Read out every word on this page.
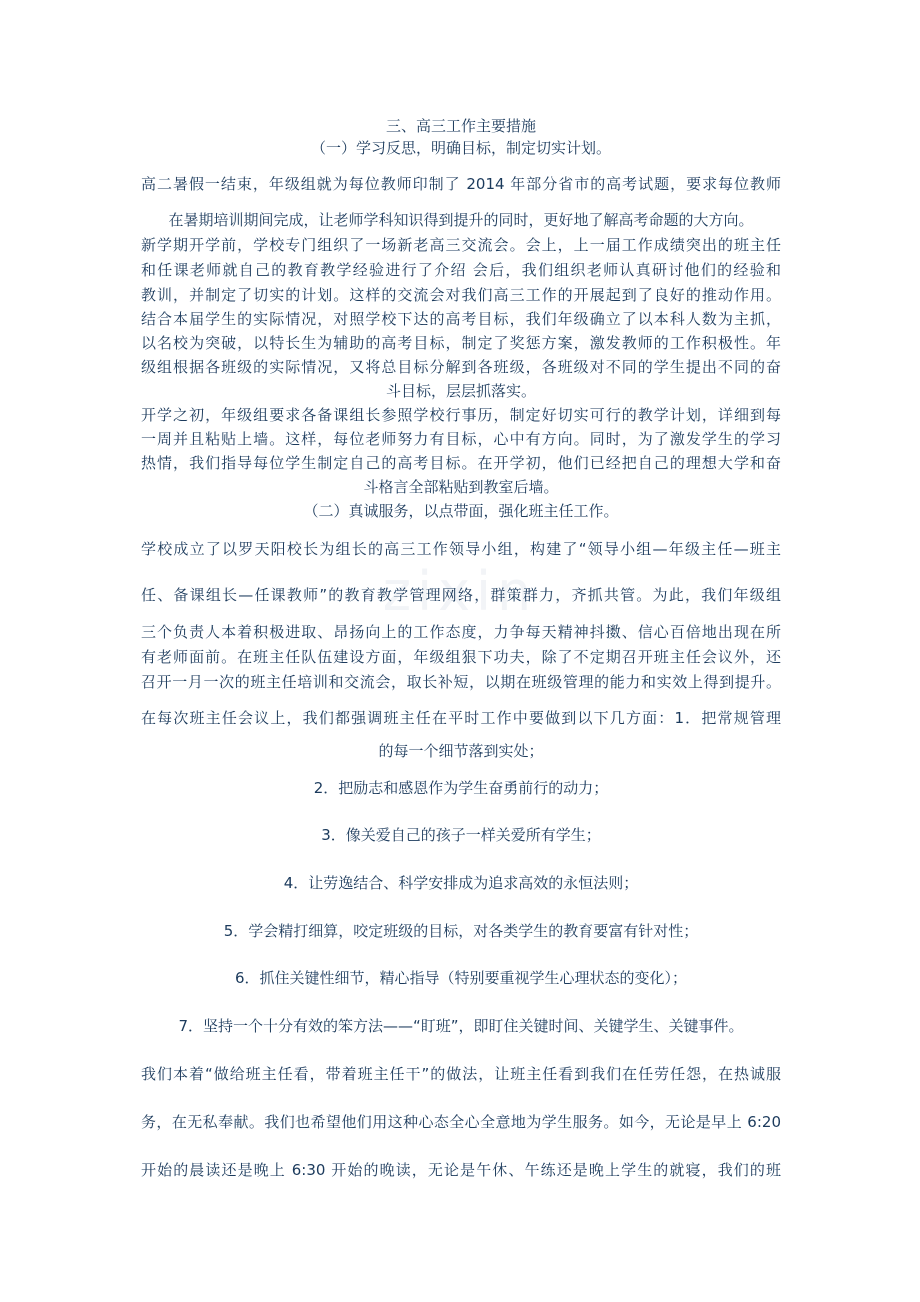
zixin
三、高三工作主要措施
（一）学习反思，明确目标，制定切实计划。
高二暑假一结束，年级组就为每位教师印制了 2014 年部分省市的高考试题，要求每位教师
在暑期培训期间完成，让老师学科知识得到提升的同时，更好地了解高考命题的大方向。
新学期开学前，学校专门组织了一场新老高三交流会。会上，上一届工作成绩突出的班主任
和任课老师就自己的教育教学经验进行了介绍 会后，我们组织老师认真研讨他们的经验和
教训，并制定了切实的计划。这样的交流会对我们高三工作的开展起到了良好的推动作用。
结合本届学生的实际情况，对照学校下达的高考目标，我们年级确立了以本科人数为主抓，
以名校为突破，以特长生为辅助的高考目标，制定了奖惩方案，激发教师的工作积极性。年
级组根据各班级的实际情况，又将总目标分解到各班级，各班级对不同的学生提出不同的奋
斗目标，层层抓落实。
开学之初，年级组要求各备课组长参照学校行事历，制定好切实可行的教学计划，详细到每
一周并且粘贴上墙。这样，每位老师努力有目标，心中有方向。同时，为了激发学生的学习
热情，我们指导每位学生制定自己的高考目标。在开学初，他们已经把自己的理想大学和奋
斗格言全部粘贴到教室后墙。
（二）真诚服务，以点带面，强化班主任工作。
学校成立了以罗天阳校长为组长的高三工作领导小组，构建了“领导小组—年级主任—班主
任、备课组长—任课教师”的教育教学管理网络，群策群力，齐抓共管。为此，我们年级组
三个负责人本着积极进取、昂扬向上的工作态度，力争每天精神抖擞、信心百倍地出现在所
有老师面前。在班主任队伍建设方面，年级组狠下功夫，除了不定期召开班主任会议外，还
召开一月一次的班主任培训和交流会，取长补短，以期在班级管理的能力和实效上得到提升。
在每次班主任会议上，我们都强调班主任在平时工作中要做到以下几方面：1．把常规管理
的每一个细节落到实处；
2．把励志和感恩作为学生奋勇前行的动力；
3．像关爱自己的孩子一样关爱所有学生；
4．让劳逸结合、科学安排成为追求高效的永恒法则；
5．学会精打细算，咬定班级的目标，对各类学生的教育要富有针对性；
6．抓住关键性细节，精心指导（特别要重视学生心理状态的变化）；
7．坚持一个十分有效的笨方法——“盯班”，即盯住关键时间、关键学生、关键事件。
我们本着“做给班主任看，带着班主任干”的做法，让班主任看到我们在任劳任怨，在热诚服
务，在无私奉献。我们也希望他们用这种心态全心全意地为学生服务。如今，无论是早上 6:20
开始的晨读还是晚上 6:30 开始的晚读，无论是午休、午练还是晚上学生的就寝，我们的班
